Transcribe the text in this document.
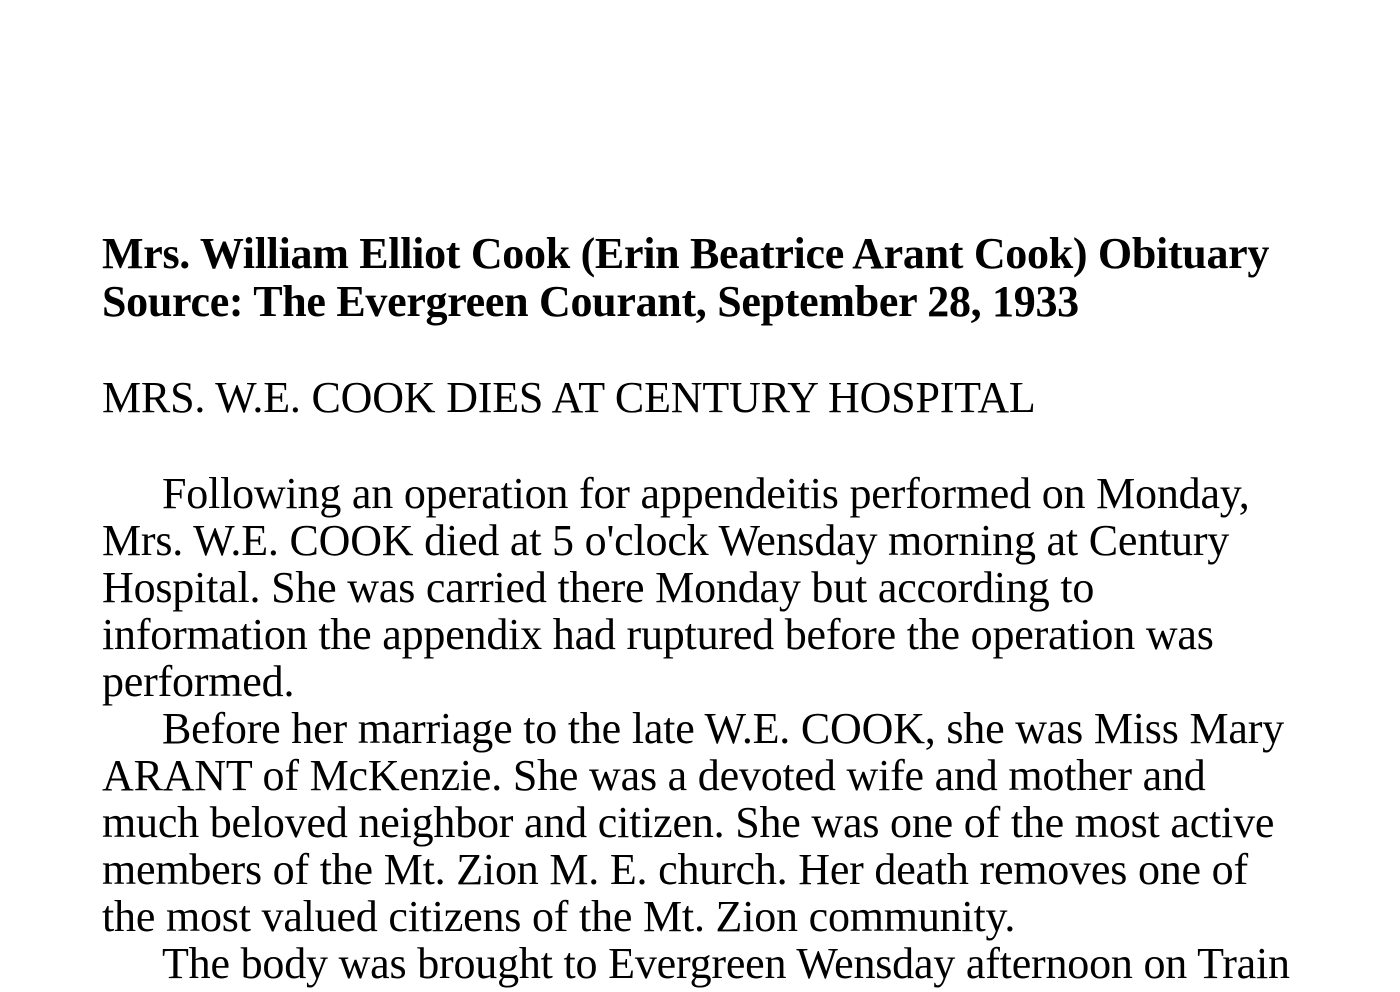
Mrs. William Elliot Cook (Erin Beatrice Arant Cook) Obituary
Source: The Evergreen Courant, September 28, 1933
MRS. W.E. COOK DIES AT CENTURY HOSPITAL
Following an operation for appendeitis performed on Monday,
Mrs. W.E. COOK died at 5 o'clock Wensday morning at Century
Hospital. She was carried there Monday but according to
information the appendix had ruptured before the operation was
performed.
Before her marriage to the late W.E. COOK, she was Miss Mary
ARANT of McKenzie. She was a devoted wife and mother and
much beloved neighbor and citizen. She was one of the most active
members of the Mt. Zion M. E. church. Her death removes one of
the most valued citizens of the Mt. Zion community.
The body was brought to Evergreen Wensday afternoon on Train
